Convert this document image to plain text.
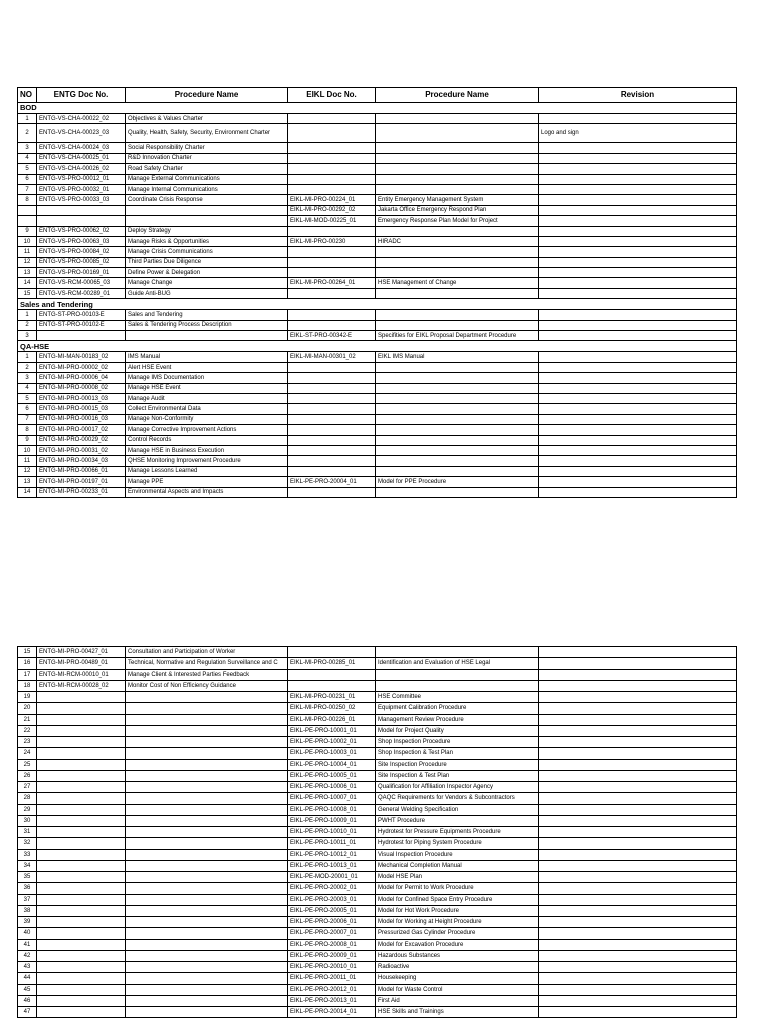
NO	ENTG Doc No.	Procedure Name	EIKL Doc No.	Procedure Name	Revision
BOD					
1	ENTG-VS-CHA-00022_02	Objectives & Values Charter			
2	ENTG-VS-CHA-00023_03	Quality, Health, Safety, Security, Environment Charter			Logo and sign
3	ENTG-VS-CHA-00024_03	Social Responsibility Charter			
4	ENTG-VS-CHA-00025_01	R&D Innovation Charter			
5	ENTG-VS-CHA-00026_02	Road Safety Charter			
6	ENTG-VS-PRO-00012_01	Manage External Communications			
7	ENTG-VS-PRO-00032_01	Manage Internal Communications			
8	ENTG-VS-PRO-00033_03	Coordinate Crisis Response	EIKL-MI-PRO-00224_01	Entity Emergency Management System	
			EIKL-MI-PRO-00292_02	Jakarta Office Emergency Respond Plan	
			EIKL-MI-MOD-00225_01	Emergency Response Plan Model for Project	
9	ENTG-VS-PRO-00062_02	Deploy Strategy			
10	ENTG-VS-PRO-00063_03	Manage Risks & Opportunities	EIKL-MI-PRO-00230	HIRADC	
11	ENTG-VS-PRO-00084_02	Manage Crisis Communications			
12	ENTG-VS-PRO-00085_02	Third Parties Due Diligence			
13	ENTG-VS-PRO-00169_01	Define Power & Delegation			
14	ENTG-VS-RCM-00065_03	Manage Change	EIKL-MI-PRO-00264_01	HSE Management of Change	
15	ENTG-VS-RCM-00289_01	Guide Anti-BUG			
Sales and Tendering					
1	ENTG-ST-PRO-00103-E	Sales and Tendering			
2	ENTG-ST-PRO-00102-E	Sales & Tendering Process Description			
3			EIKL-ST-PRO-00342-E	Specifities for EIKL Proposal Department Procedure	
QA-HSE					
1	ENTG-MI-MAN-00183_02	IMS Manual	EIKL-MI-MAN-00301_02	EIKL IMS Manual	
2	ENTG-MI-PRO-00002_02	Alert HSE Event			
3	ENTG-MI-PRO-00006_04	Manage IMS Documentation			
4	ENTG-MI-PRO-00008_02	Manage HSE Event			
5	ENTG-MI-PRO-00013_03	Manage Audit			
6	ENTG-MI-PRO-00015_03	Collect Environmental Data			
7	ENTG-MI-PRO-00016_03	Manage Non-Conformity			
8	ENTG-MI-PRO-00017_02	Manage Corrective Improvement Actions			
9	ENTG-MI-PRO-00029_02	Control Records			
10	ENTG-MI-PRO-00031_02	Manage HSE in Business Execution			
11	ENTG-MI-PRO-00034_03	QHSE Monitoring Improvement Procedure			
12	ENTG-MI-PRO-00066_01	Manage Lessons Learned			
13	ENTG-MI-PRO-00197_01	Manage PPE	EIKL-PE-PRO-20004_01	Model for PPE Procedure	
14	ENTG-MI-PRO-00233_01	Environmental Aspects and Impacts			
15	ENTG-MI-PRO-00427_01	Consultation and Participation of Worker			
16	ENTG-MI-PRO-00489_01	Technical, Normative and Regulation Surveillance and C	EIKL-MI-PRO-00285_01	Identification and Evaluation of HSE Legal	
17	ENTG-MI-RCM-00010_01	Manage Client & Interested Parties Feedback			
18	ENTG-MI-RCM-00028_02	Monitor Cost of Non Efficiency Guidance			
19			EIKL-MI-PRO-00231_01	HSE Committee	
20			EIKL-MI-PRO-00250_02	Equipment Calibration Procedure	
21			EIKL-MI-PRO-00226_01	Management Review Procedure	
22			EIKL-PE-PRO-10001_01	Model for Project Quality	
23			EIKL-PE-PRO-10002_01	Shop Inspection Procedure	
24			EIKL-PE-PRO-10003_01	Shop Inspection & Test Plan	
25			EIKL-PE-PRO-10004_01	Site Inspection Procedure	
26			EIKL-PE-PRO-10005_01	Site Inspection & Test Plan	
27			EIKL-PE-PRO-10006_01	Qualification for Affiliation Inspector Agency	
28			EIKL-PE-PRO-10007_01	QAQC Requirements for Vendors & Subcontractors	
29			EIKL-PE-PRO-10008_01	General Welding Specification	
30			EIKL-PE-PRO-10009_01	PWHT Procedure	
31			EIKL-PE-PRO-10010_01	Hydrotest for Pressure Equipments Procedure	
32			EIKL-PE-PRO-10011_01	Hydrotest for Piping System Procedure	
33			EIKL-PE-PRO-10012_01	Visual Inspection Procedure	
34			EIKL-PE-PRO-10013_01	Mechanical Completion Manual	
35			EIKL-PE-MOD-20001_01	Model HSE Plan	
36			EIKL-PE-PRO-20002_01	Model for Permit to Work Procedure	
37			EIKL-PE-PRO-20003_01	Model for Confined Space Entry Procedure	
38			EIKL-PE-PRO-20005_01	Model for Hot Work Procedure	
39			EIKL-PE-PRO-20006_01	Model for Working at Height Procedure	
40			EIKL-PE-PRO-20007_01	Pressurized Gas Cylinder Procedure	
41			EIKL-PE-PRO-20008_01	Model for Excavation Procedure	
42			EIKL-PE-PRO-20009_01	Hazardous Substances	
43			EIKL-PE-PRO-20010_01	Radioactive	
44			EIKL-PE-PRO-20011_01	Housekeeping	
45			EIKL-PE-PRO-20012_01	Model for Waste Control	
46			EIKL-PE-PRO-20013_01	First Aid	
47			EIKL-PE-PRO-20014_01	HSE Skills and Trainings	
